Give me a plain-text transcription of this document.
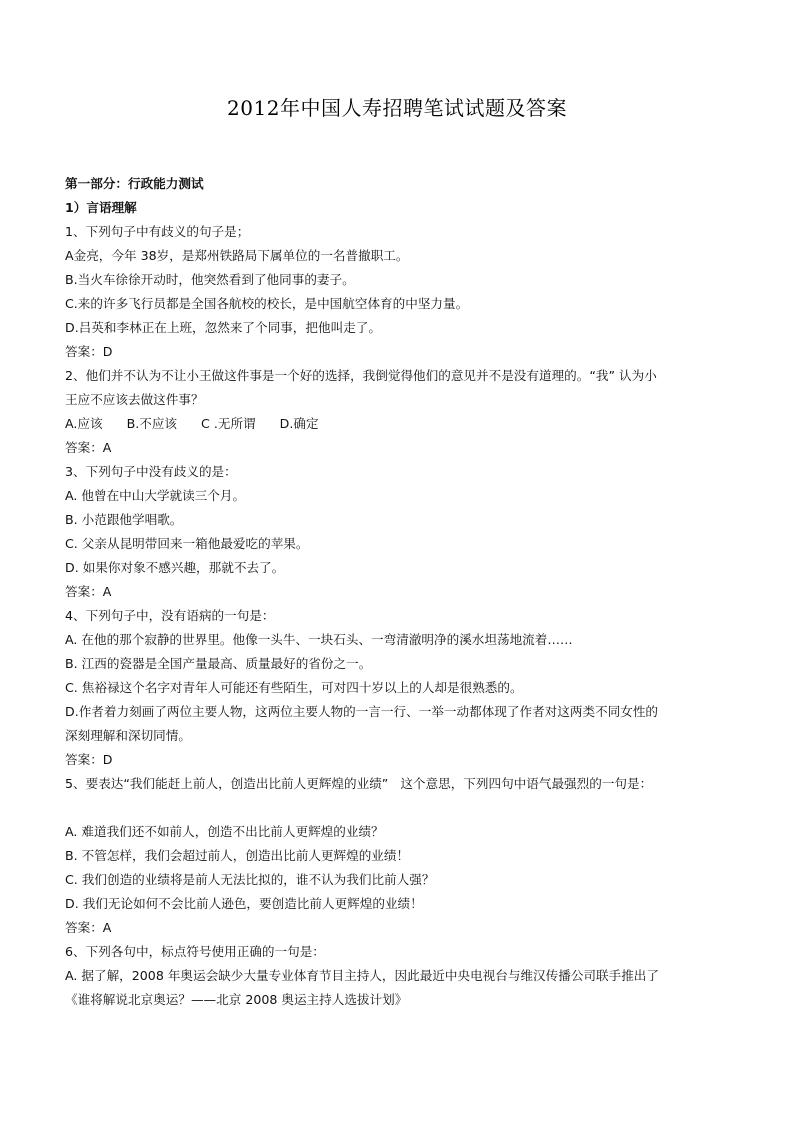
2012年中国人寿招聘笔试试题及答案
第一部分：行政能力测试
1）言语理解
1、下列句子中有歧义的句子是；
A金亮，今年 38岁，是郑州铁路局下属单位的一名普撤职工。
B.当火车徐徐开动时，他突然看到了他同事的妻子。
C.来的许多飞行员都是全国各航校的校长，是中国航空体育的中坚力量。
D.吕英和李林正在上班，忽然来了个同事，把他叫走了。
答案：D
2、他们并不认为不让小王做这件事是一个好的选择，我倒觉得他们的意见并不是没有道理的。“我” 认为小
王应不应该去做这件事？
A.应该      B.不应该      C .无所谓      D.确定
答案：A
3、下列句子中没有歧义的是：
A. 他曾在中山大学就读三个月。
B. 小范跟他学唱歌。
C. 父亲从昆明带回来一箱他最爱吃的苹果。
D. 如果你对象不感兴趣，那就不去了。
答案：A
4、下列句子中，没有语病的一句是：
A. 在他的那个寂静的世界里。他像一头牛、一块石头、一弯清澈明净的溪水坦荡地流着……
B. 江西的瓷器是全国产量最高、质量最好的省份之一。
C. 焦裕禄这个名字对青年人可能还有些陌生，可对四十岁以上的人却是很熟悉的。
D.作者着力刻画了两位主要人物，这两位主要人物的一言一行、一举一动都体现了作者对这两类不同女性的
深刻理解和深切同情。
答案：D
5、要表达“我们能赶上前人，创造出比前人更辉煌的业绩”   这个意思，下列四句中语气最强烈的一句是：
A. 难道我们还不如前人，创造不出比前人更辉煌的业绩？
B. 不管怎样，我们会超过前人，创造出比前人更辉煌的业绩！
C. 我们创造的业绩将是前人无法比拟的，谁不认为我们比前人强？
D. 我们无论如何不会比前人逊色，要创造比前人更辉煌的业绩！
答案：A
6、下列各句中，标点符号使用正确的一句是：
A. 据了解，2008 年奥运会缺少大量专业体育节目主持人，因此最近中央电视台与维汉传播公司联手推出了
《谁将解说北京奥运？——北京 2008 奥运主持人选拔计划》
